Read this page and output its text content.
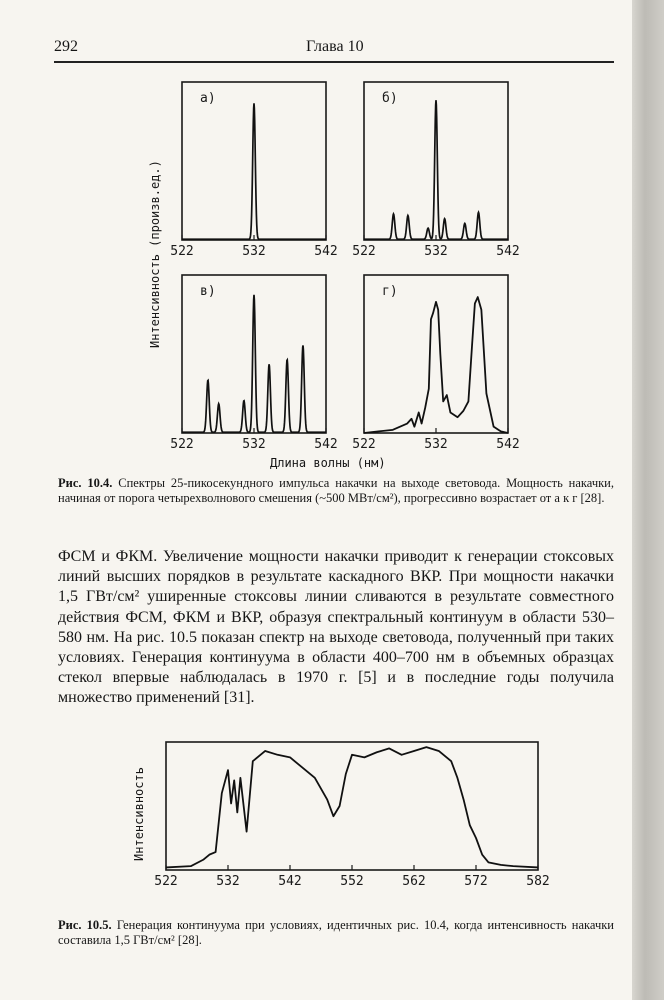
292	Глава 10
Интенсивность (произв.ед.) 522	532	542
а)
522	532	542
б)
522	532	542
в)
522	532	542
г)
Длина волны (нм)
Рис. 10.4. Спектры 25-пикосекундного импульса накачки на выходе световода. Мощность накачки, начиная от порога четырехволнового смешения (~500 МВт/см²), прогрессивно возрастает от а к г [28].
ФСМ и ФКМ. Увеличение мощности накачки приводит к генерации стоксовых линий высших порядков в результате каскадного ВКР. При мощности накачки 1,5 ГВт/см² уширенные стоксовы линии сливаются в результате совместного действия ФСМ, ФКМ и ВКР, образуя спектральный континуум в области 530–580 нм. На рис. 10.5 показан спектр на выходе световода, полученный при таких условиях. Генерация континуума в области 400–700 нм в объемных образцах стекол впервые наблюдалась в 1970 г. [5] и в последние годы получила множество применений [31].
Интенсивность
522	532	542	552	562	572	582
Рис. 10.5. Генерация континуума при условиях, идентичных рис. 10.4, когда интенсивность накачки составила 1,5 ГВт/см² [28].
